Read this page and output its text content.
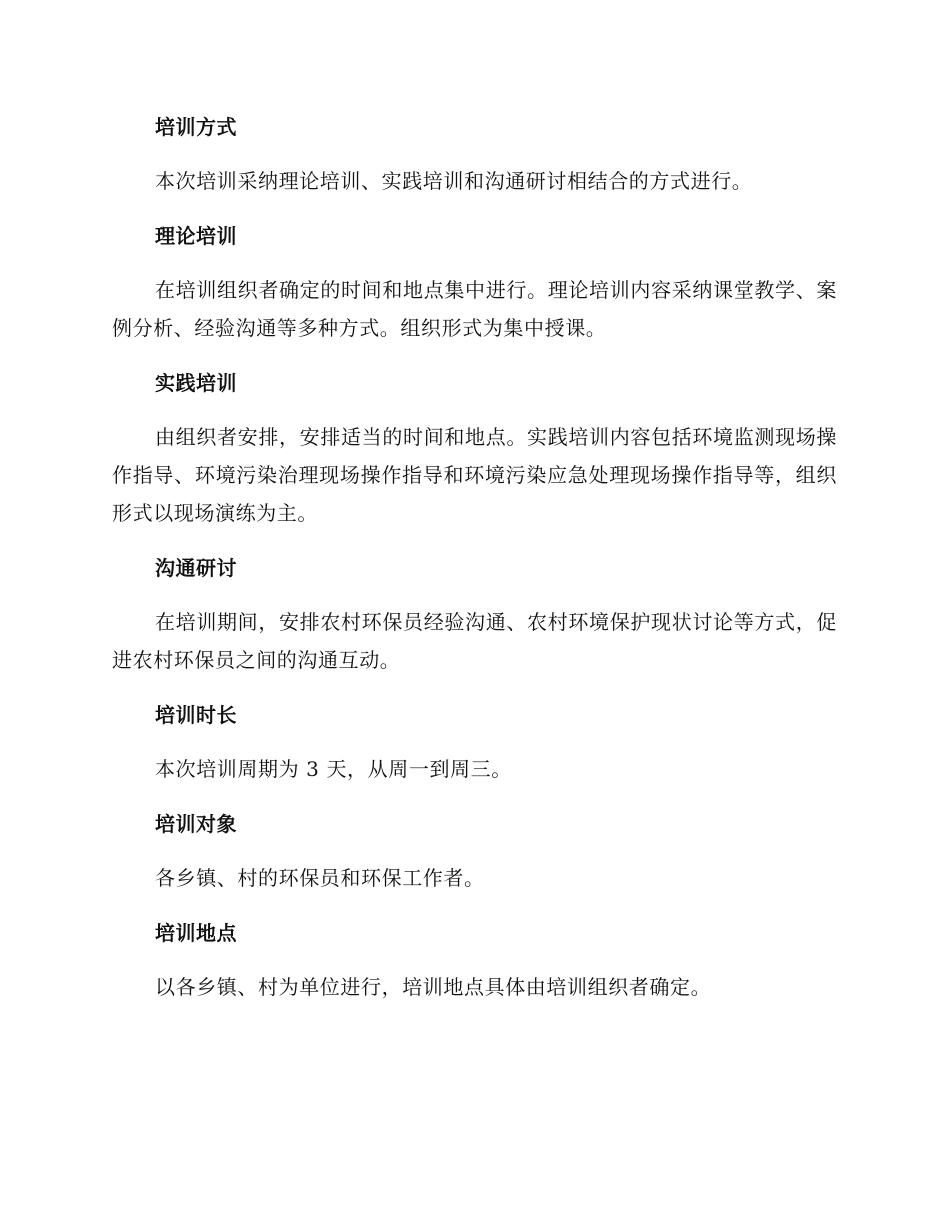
培训方式

本次培训采纳理论培训、实践培训和沟通研讨相结合的方式进行。

理论培训

在培训组织者确定的时间和地点集中进行。理论培训内容采纳课堂教学、案例分析、经验沟通等多种方式。组织形式为集中授课。

实践培训

由组织者安排，安排适当的时间和地点。实践培训内容包括环境监测现场操作指导、环境污染治理现场操作指导和环境污染应急处理现场操作指导等，组织形式以现场演练为主。

沟通研讨

在培训期间，安排农村环保员经验沟通、农村环境保护现状讨论等方式，促进农村环保员之间的沟通互动。

培训时长

本次培训周期为 3 天，从周一到周三。

培训对象

各乡镇、村的环保员和环保工作者。

培训地点

以各乡镇、村为单位进行，培训地点具体由培训组织者确定。
